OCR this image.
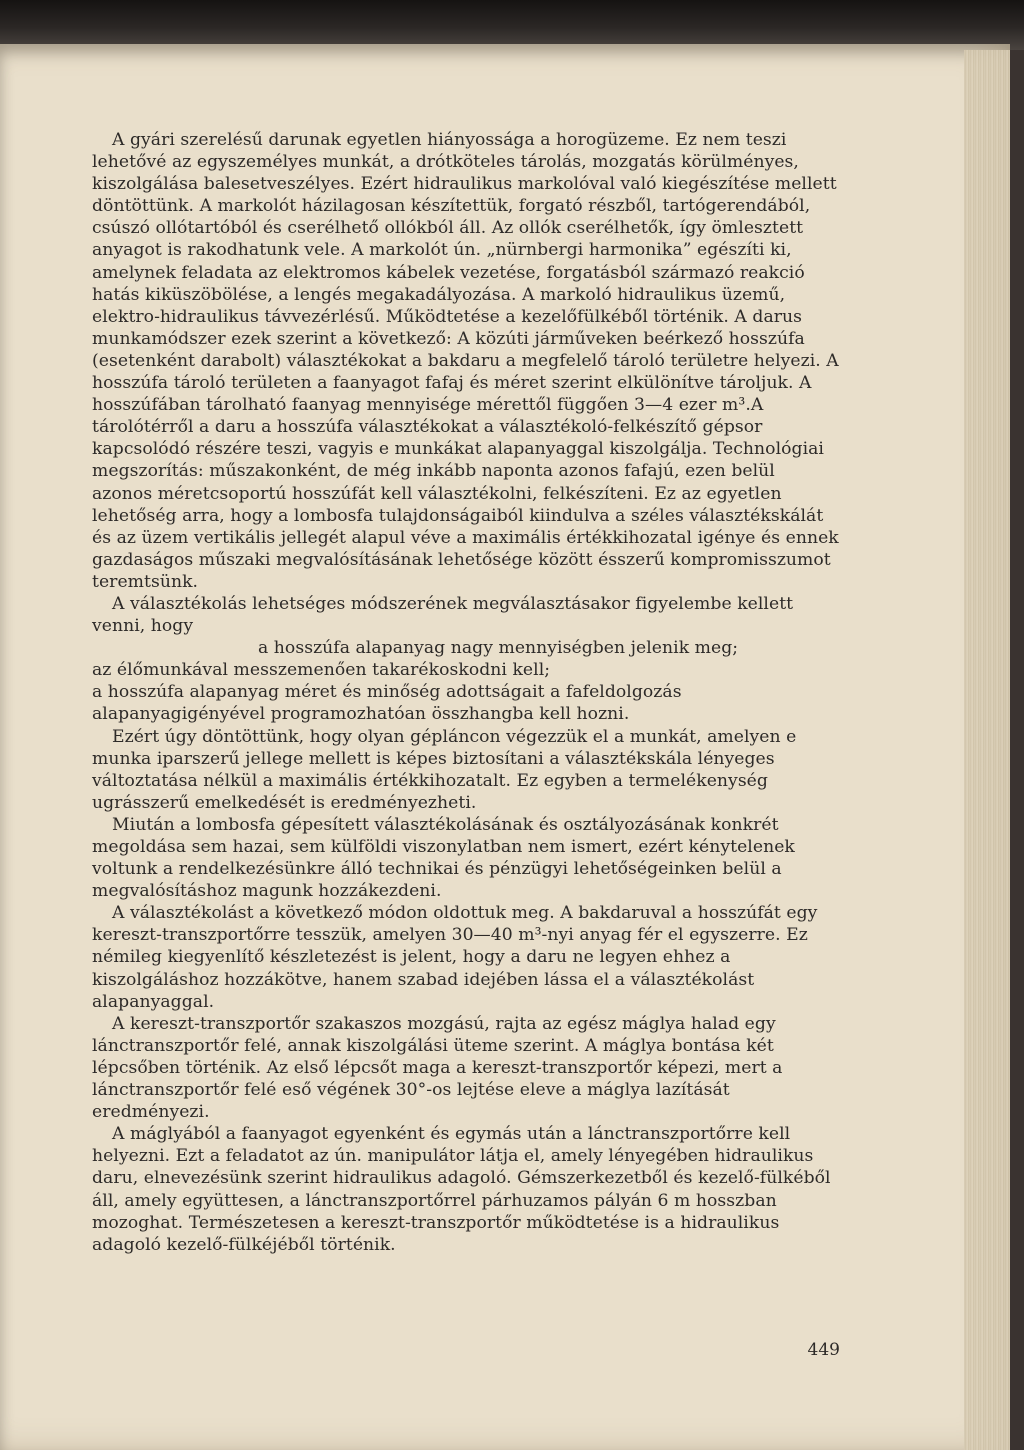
A gyári szerelésű darunak egyetlen hiányossága a horogüzeme. Ez nem teszi lehetővé az egyszemélyes munkát, a drótköteles tárolás, mozgatás körülményes, kiszolgálása balesetveszélyes. Ezért hidraulikus markolóval való kiegészítése mellett döntöttünk. A markolót házilagosan készítettük, forgató részből, tartógerendából, csúszó ollótartóból és cserélhető ollókból áll. Az ollók cserélhetők, így ömlesztett anyagot is rakodhatunk vele. A markolót ún. „nürnbergi harmonika” egészíti ki, amelynek feladata az elektromos kábelek vezetése, forgatásból származó reakció hatás kiküszöbölése, a lengés megakadályozása. A markoló hidraulikus üzemű, elektro-hidraulikus távvezérlésű. Működtetése a kezelőfülkéből történik. A darus munkamódszer ezek szerint a következő: A közúti járműveken beérkező hosszúfa (esetenként darabolt) választékokat a bakdaru a megfelelő tároló területre helyezi. A hosszúfa tároló területen a faanyagot fafaj és méret szerint elkülönítve tároljuk. A hosszúfában tárolható faanyag mennyisége mérettől függően 3—4 ezer m³.A tárolótérről a daru a hosszúfa választékokat a választékoló-felkészítő gépsor kapcsolódó részére teszi, vagyis e munkákat alapanyaggal kiszolgálja. Technológiai megszorítás: műszakonként, de még inkább naponta azonos fafajú, ezen belül azonos méretcsoportú hosszúfát kell választékolni, felkészíteni. Ez az egyetlen lehetőség arra, hogy a lombosfa tulajdonságaiból kiindulva a széles választékskálát és az üzem vertikális jellegét alapul véve a maximális értékkihozatal igénye és ennek gazdaságos műszaki megvalósításának lehetősége között ésszerű kompromisszumot teremtsünk.

A választékolás lehetséges módszerének megválasztásakor figyelembe kellett venni, hogy

a hosszúfa alapanyag nagy mennyiségben jelenik meg;

az élőmunkával messzemenően takarékoskodni kell;

a hosszúfa alapanyag méret és minőség adottságait a fafeldolgozás alapanyagigényével programozhatóan összhangba kell hozni.

Ezért úgy döntöttünk, hogy olyan gépláncon végezzük el a munkát, amelyen e munka iparszerű jellege mellett is képes biztosítani a választékskála lényeges változtatása nélkül a maximális értékkihozatalt. Ez egyben a termelékenység ugrásszerű emelkedését is eredményezheti.

Miután a lombosfa gépesített választékolásának és osztályozásának konkrét megoldása sem hazai, sem külföldi viszonylatban nem ismert, ezért kénytelenek voltunk a rendelkezésünkre álló technikai és pénzügyi lehetőségeinken belül a megvalósításhoz magunk hozzákezdeni.

A választékolást a következő módon oldottuk meg. A bakdaruval a hosszúfát egy kereszt-transzportőrre tesszük, amelyen 30—40 m³-nyi anyag fér el egyszerre. Ez némileg kiegyenlítő készletezést is jelent, hogy a daru ne legyen ehhez a kiszolgáláshoz hozzákötve, hanem szabad idejében lássa el a választékolást alapanyaggal.

A kereszt-transzportőr szakaszos mozgású, rajta az egész máglya halad egy lánctranszportőr felé, annak kiszolgálási üteme szerint. A máglya bontása két lépcsőben történik. Az első lépcsőt maga a kereszt-transzportőr képezi, mert a lánctranszportőr felé eső végének 30°-os lejtése eleve a máglya lazítását eredményezi.

A máglyából a faanyagot egyenként és egymás után a lánctranszportőrre kell helyezni. Ezt a feladatot az ún. manipulátor látja el, amely lényegében hidraulikus daru, elnevezésünk szerint hidraulikus adagoló. Gémszerkezetből és kezelő-fülkéből áll, amely együttesen, a lánctranszportőrrel párhuzamos pályán 6 m hosszban mozoghat. Természetesen a kereszt-transzportőr működtetése is a hidraulikus adagoló kezelő-fülkéjéből történik.

449
